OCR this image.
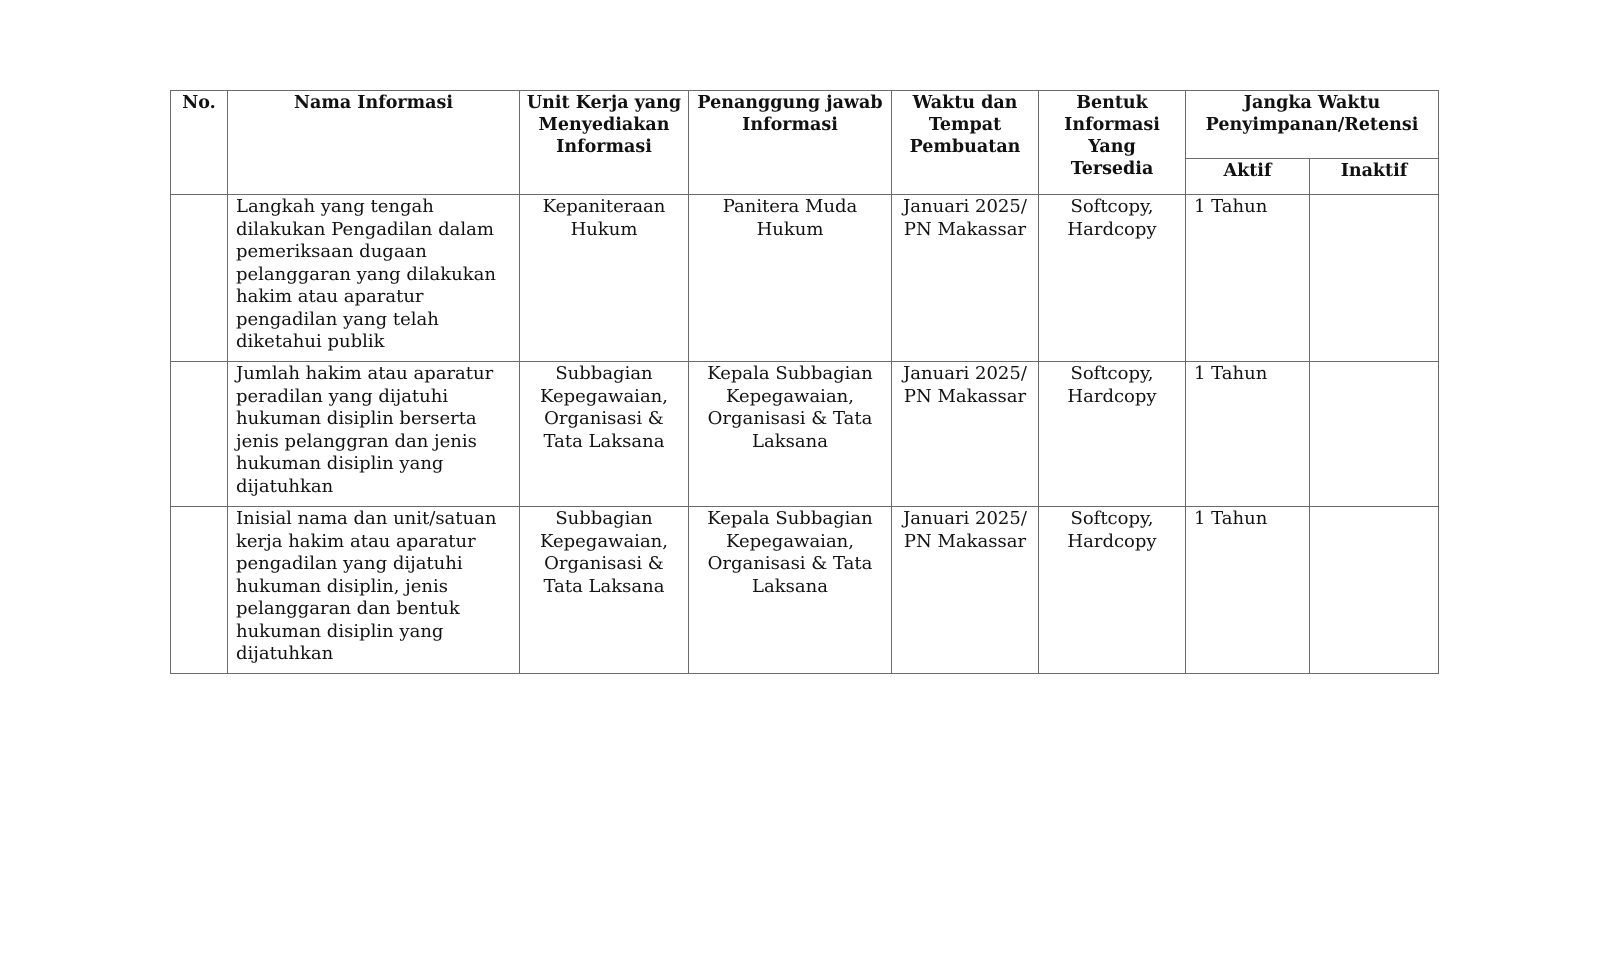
No.	Nama Informasi	Unit Kerja yang Menyediakan Informasi	Penanggung jawab Informasi	Waktu dan Tempat Pembuatan	Bentuk Informasi Yang Tersedia	Jangka Waktu Penyimpanan/Retensi	
						Aktif	Inaktif
	Langkah yang tengah dilakukan Pengadilan dalam pemeriksaan dugaan pelanggaran yang dilakukan hakim atau aparatur pengadilan yang telah diketahui publik	Kepaniteraan Hukum	Panitera Muda Hukum	Januari 2025/ PN Makassar	Softcopy, Hardcopy	1 Tahun	
	Jumlah hakim atau aparatur peradilan yang dijatuhi hukuman disiplin berserta jenis pelanggran dan jenis hukuman disiplin yang dijatuhkan	Subbagian Kepegawaian, Organisasi & Tata Laksana	Kepala Subbagian Kepegawaian, Organisasi & Tata Laksana	Januari 2025/ PN Makassar	Softcopy, Hardcopy	1 Tahun	
	Inisial nama dan unit/satuan kerja hakim atau aparatur pengadilan yang dijatuhi hukuman disiplin, jenis pelanggaran dan bentuk hukuman disiplin yang dijatuhkan	Subbagian Kepegawaian, Organisasi & Tata Laksana	Kepala Subbagian Kepegawaian, Organisasi & Tata Laksana	Januari 2025/ PN Makassar	Softcopy, Hardcopy	1 Tahun	
